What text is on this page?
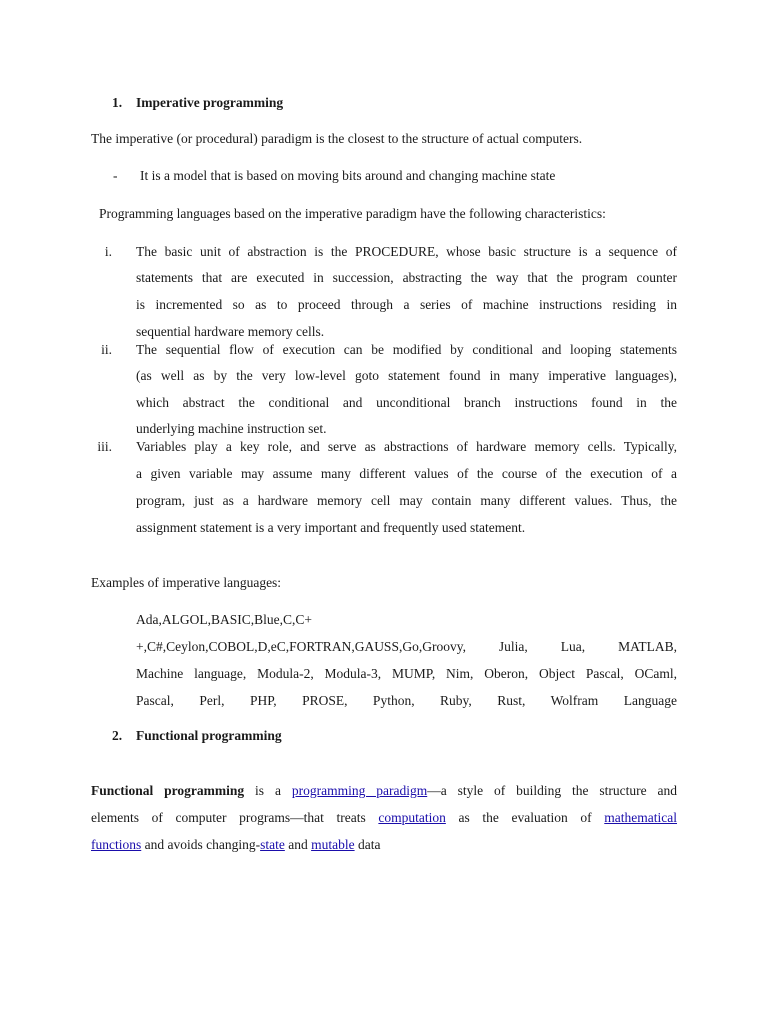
1. Imperative programming
The imperative (or procedural) paradigm is the closest to the structure of actual computers.
- It is a model that is based on moving bits around and changing machine state
Programming languages based on the imperative paradigm have the following characteristics:
i. The basic unit of abstraction is the PROCEDURE, whose basic structure is a sequence of
statements that are executed in succession, abstracting the way that the program counter
is incremented so as to proceed through a series of machine instructions residing in
sequential hardware memory cells.
ii. The sequential flow of execution can be modified by conditional and looping statements
(as well as by the very low-level goto statement found in many imperative languages),
which abstract the conditional and unconditional branch instructions found in the
underlying machine instruction set.
iii. Variables play a key role, and serve as abstractions of hardware memory cells. Typically,
a given variable may assume many different values of the course of the execution of a
program, just as a hardware memory cell may contain many different values. Thus, the
assignment statement is a very important and frequently used statement.
Examples of imperative languages:
Ada,ALGOL,BASIC,Blue,C,C+
+,C#,Ceylon,COBOL,D,eC,FORTRAN,GAUSS,Go,Groovy, Julia, Lua, MATLAB,
Machine language, Modula-2, Modula-3, MUMP, Nim, Oberon, Object Pascal, OCaml,
Pascal, Perl, PHP, PROSE, Python, Ruby, Rust, Wolfram Language
2. Functional programming
Functional programming is a programming paradigm—a style of building the structure and
elements of computer programs—that treats computation as the evaluation of mathematical
functions and avoids changing-state and mutable data
